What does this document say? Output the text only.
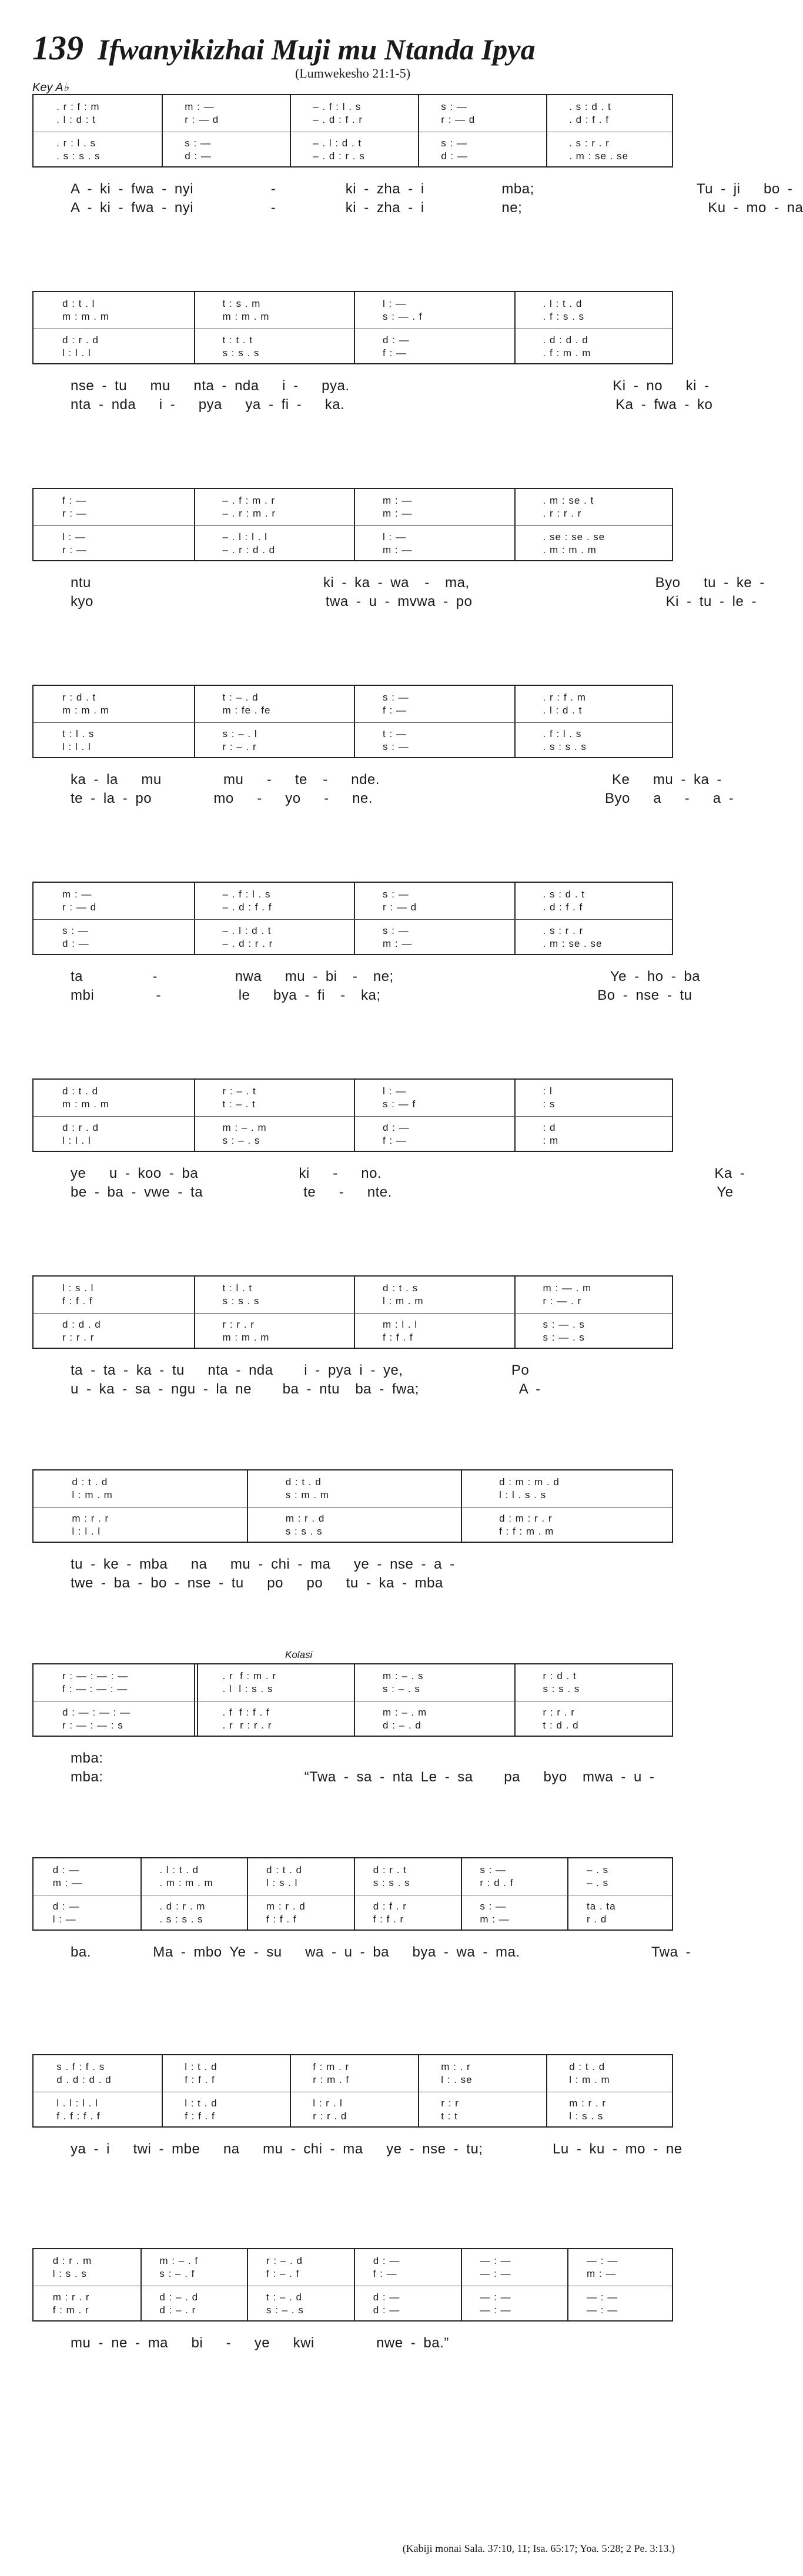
139 Ifwanyikizhai Muji mu Ntanda Ipya
(Lumwekesho 21:1-5)
Key A♭
. r : f : m	m : —	– . f : l . s	s : —	. s : d . t
. l : d : t	r : — d	– . d : f . r	r : — d	. d : f . f
. r : l . s	s : —	– . l : d . t	s : —	. s : r . r
. s : s . s	d : —	– . d : r . s	d : —	. m : se . se
A - ki - fwa - nyi          -         ki - zha - i          mba;                     Tu - ji   bo -
A - ki - fwa - nyi          -         ki - zha - i          ne;                        Ku - mo - na
d : t . l	t : s . m	l : —	. l : t . d
m : m . m	m : m . m	s : — . f	. f : s . s
d : r . d	t : t . t	d : —	. d : d . d
l : l . l	s : s . s	f : —	. f : m . m
nse - tu   mu   nta - nda   i -   pya.                                  Ki - no   ki -
nta - nda   i -   pya   ya - fi -   ka.                                   Ka - fwa - ko
f : —	– . f : m . r	m : —	. m : se . t
r : —	– . r : m . r	m : —	. r : r . r
l : —	– . l : l . l	l : —	. se : se . se
r : —	– . r : d . d	m : —	. m : m . m
ntu                              ki - ka - wa  -  ma,                        Byo   tu - ke -
kyo                              twa - u - mvwa - po                         Ki - tu - le -
r : d . t	t : – . d	s : —	. r : f . m
m : m . m	m : fe . fe	f : —	. l : d . t
t : l . s	s : – . l	t : —	. f : l . s
l : l . l	r : – . r	s : —	. s : s . s
ka - la   mu        mu   -   te  -   nde.                              Ke   mu - ka -
te - la - po        mo   -   yo   -   ne.                              Byo   a   -   a -
m : —	– . f : l . s	s : —	. s : d . t
r : — d	– . d : f . f	r : — d	. d : f . f
s : —	– . l : d . t	s : —	. s : r . r
d : —	– . d : r . r	m : —	. m : se . se
ta         -          nwa   mu - bi  -  ne;                            Ye - ho - ba
mbi        -          le   bya - fi  -  ka;                            Bo - nse - tu
d : t . d	r : – . t	l : —	: l
m : m . m	t : – . t	s : — f	: s
d : r . d	m : – . m	d : —	: d
l : l . l	s : – . s	f : —	: m
ye   u - koo - ba             ki   -   no.                                           Ka -
be - ba - vwe - ta             te   -   nte.                                          Ye
l : s . l	t : l . t	d : t . s	m : — . m
f : f . f	s : s . s	l : m . m	r : — . r
d : d . d	r : r . r	m : l . l	s : — . s
r : r . r	m : m . m	f : f . f	s : — . s
ta - ta - ka - tu   nta - nda    i - pya i - ye,              Po
u - ka - sa - ngu - la ne    ba - ntu  ba - fwa;             A -
d : t . d	d : t . d	d : m : m . d
l : m . m	s : m . m	l : l . s . s
m : r . r	m : r . d	d : m : r . r
l : l . l	s : s . s	f : f : m . m
tu - ke - mba   na   mu - chi - ma   ye - nse - a -
twe - ba - bo - nse - tu   po   po   tu - ka - mba
r : — : — : —	. r  f : m . r	m : – . s	r : d . t
f : — : — : —	. l  l : s . s	s : – . s	s : s . s
d : — : — : —	. f  f : f . f	m : – . m	r : r . r
r : — : — : s	. r  r : r . r	d : – . d	t : d . d
mba:
mba:                          “Twa - sa - nta Le - sa    pa   byo  mwa - u -
Kolasi
d : —	. l : t . d	d : t . d	d : r . t	s : —	– . s
m : —	. m : m . m	l : s . l	s : s . s	r : d . f	– . s
d : —	. d : r . m	m : r . d	d : f . r	s : —	ta . ta
l : —	. s : s . s	f : f . f	f : f . r	m : —	r . d
ba.        Ma - mbo Ye - su   wa - u - ba   bya - wa - ma.                 Twa -
s . f : f . s	l : t . d	f : m . r	m : . r	d : t . d
d . d : d . d	f : f . f	r : m . f	l : . se	l : m . m
l . l : l . l	l : t . d	l : r . l	r : r	m : r . r
f . f : f . f	f : f . f	r : r . d	t : t	l : s . s
ya - i   twi - mbe   na   mu - chi - ma   ye - nse - tu;         Lu - ku - mo - ne
d : r . m	m : – . f	r : – . d	d : —	— : —	— : —
l : s . s	s : – . f	f : – . f	f : —	— : —	m : —
m : r . r	d : – . d	t : – . d	d : —	— : —	— : —
f : m . r	d : – . r	s : – . s	d : —	— : —	— : —
mu - ne - ma   bi   -   ye   kwi        nwe - ba.”
(Kabiji monai Sala. 37:10, 11; Isa. 65:17; Yoa. 5:28; 2 Pe. 3:13.)
